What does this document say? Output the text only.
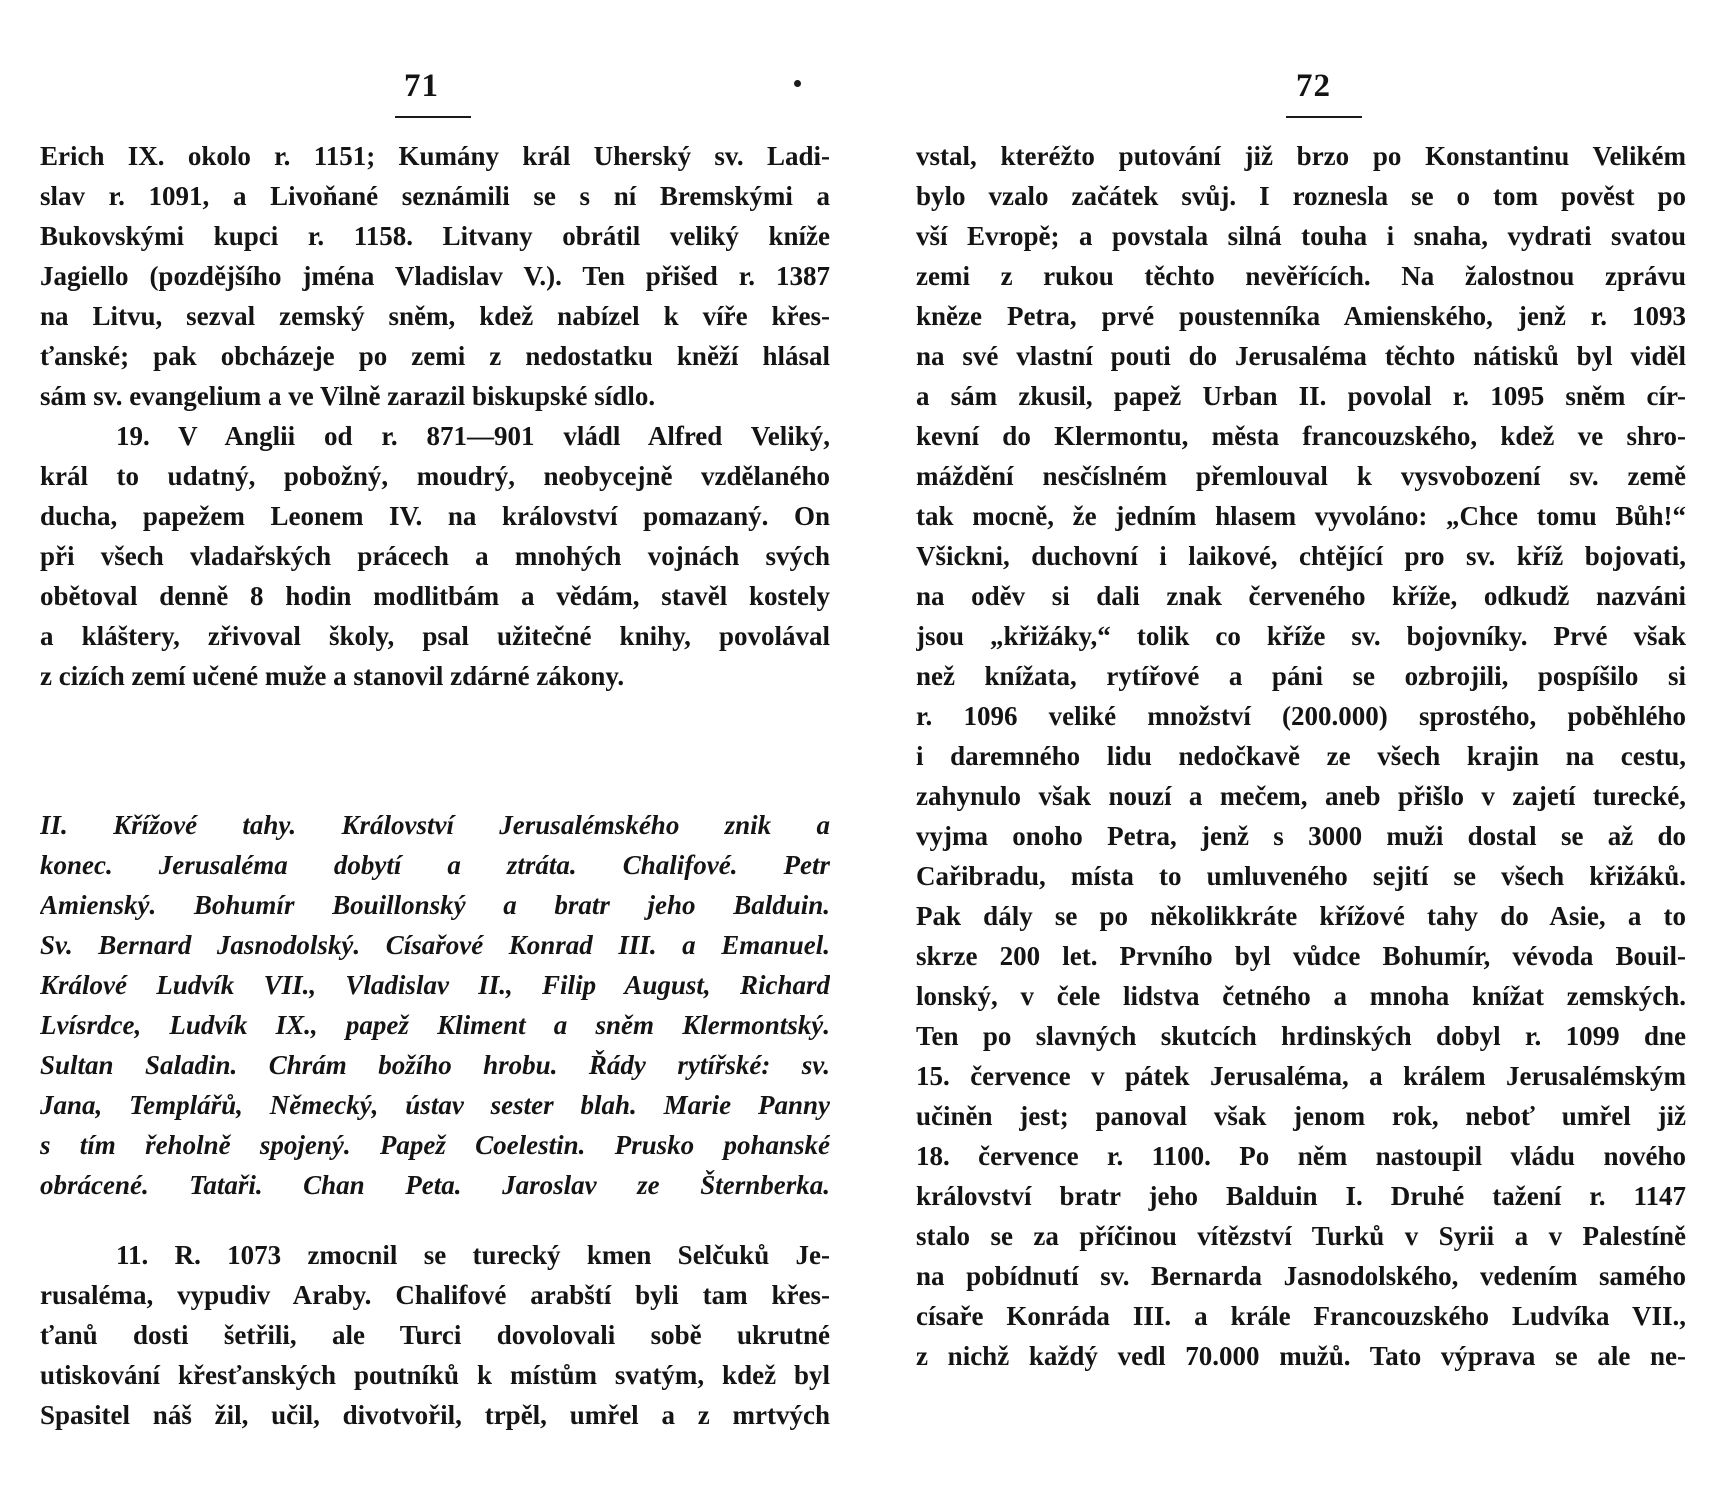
71
Erich IX. okolo r. 1151; Kumány král Uherský sv. Ladi-
slav r. 1091, a Livoňané seznámili se s ní Bremskými a
Bukovskými kupci r. 1158. Litvany obrátil veliký kníže
Jagiello (pozdějšího jména Vladislav V.). Ten přišed r. 1387
na Litvu, sezval zemský sněm, kdež nabízel k víře křes-
ťanské; pak obcházeje po zemi z nedostatku kněží hlásal
sám sv. evangelium a ve Vilně zarazil biskupské sídlo.
19. V Anglii od r. 871—901 vládl Alfred Veliký,
král to udatný, pobožný, moudrý, neobycejně vzdělaného
ducha, papežem Leonem IV. na království pomazaný. On
při všech vladařských prácech a mnohých vojnách svých
obětoval denně 8 hodin modlitbám a vědám, stavěl kostely
a kláštery, zřivoval školy, psal užitečné knihy, povolával
z cizích zemí učené muže a stanovil zdárné zákony.
II. Křížové tahy. Království Jerusalémského znik a
konec. Jerusaléma dobytí a ztráta. Chalifové. Petr
Amienský. Bohumír Bouillonský a bratr jeho Balduin.
Sv. Bernard Jasnodolský. Císařové Konrad III. a Emanuel.
Králové Ludvík VII., Vladislav II., Filip August, Richard
Lvísrdce, Ludvík IX., papež Kliment a sněm Klermontský.
Sultan Saladin. Chrám božího hrobu. Řády rytířské: sv.
Jana, Templářů, Německý, ústav sester blah. Marie Panny
s tím řeholně spojený. Papež Coelestin. Prusko pohanské
obrácené. Tataři. Chan Peta. Jaroslav ze Šternberka.
11. R. 1073 zmocnil se turecký kmen Selčuků Je-
rusaléma, vypudiv Araby. Chalifové arabští byli tam křes-
ťanů dosti šetřili, ale Turci dovolovali sobě ukrutné
utiskování křesťanských poutníků k místům svatým, kdež byl
Spasitel náš žil, učil, divotvořil, trpěl, umřel a z mrtvých
72
vstal, kteréžto putování již brzo po Konstantinu Velikém
bylo vzalo začátek svůj. I roznesla se o tom pověst po
vší Evropě; a povstala silná touha i snaha, vydrati svatou
zemi z rukou těchto nevěřících. Na žalostnou zprávu
kněze Petra, prvé poustenníka Amienského, jenž r. 1093
na své vlastní pouti do Jerusaléma těchto nátisků byl viděl
a sám zkusil, papež Urban II. povolal r. 1095 sněm cír-
kevní do Klermontu, města francouzského, kdež ve shro-
máždění nesčíslném přemlouval k vysvobození sv. země
tak mocně, že jedním hlasem vyvoláno: „Chce tomu Bůh!“
Všickni, duchovní i laikové, chtějící pro sv. kříž bojovati,
na oděv si dali znak červeného kříže, odkudž nazváni
jsou „křižáky,“ tolik co kříže sv. bojovníky. Prvé však
než knížata, rytířové a páni se ozbrojili, pospíšilo si
r. 1096 veliké množství (200.000) sprostého, poběhlého
i daremného lidu nedočkavě ze všech krajin na cestu,
zahynulo však nouzí a mečem, aneb přišlo v zajetí turecké,
vyjma onoho Petra, jenž s 3000 muži dostal se až do
Cařibradu, místa to umluveného sejití se všech křižáků.
Pak dály se po několikkráte křížové tahy do Asie, a to
skrze 200 let. Prvního byl vůdce Bohumír, vévoda Bouil-
lonský, v čele lidstva četného a mnoha knížat zemských.
Ten po slavných skutcích hrdinských dobyl r. 1099 dne
15. července v pátek Jerusaléma, a králem Jerusalémským
učiněn jest; panoval však jenom rok, neboť umřel již
18. července r. 1100. Po něm nastoupil vládu nového
království bratr jeho Balduin I. Druhé tažení r. 1147
stalo se za příčinou vítězství Turků v Syrii a v Palestíně
na pobídnutí sv. Bernarda Jasnodolského, vedením samého
císaře Konráda III. a krále Francouzského Ludvíka VII.,
z nichž každý vedl 70.000 mužů. Tato výprava se ale ne-
